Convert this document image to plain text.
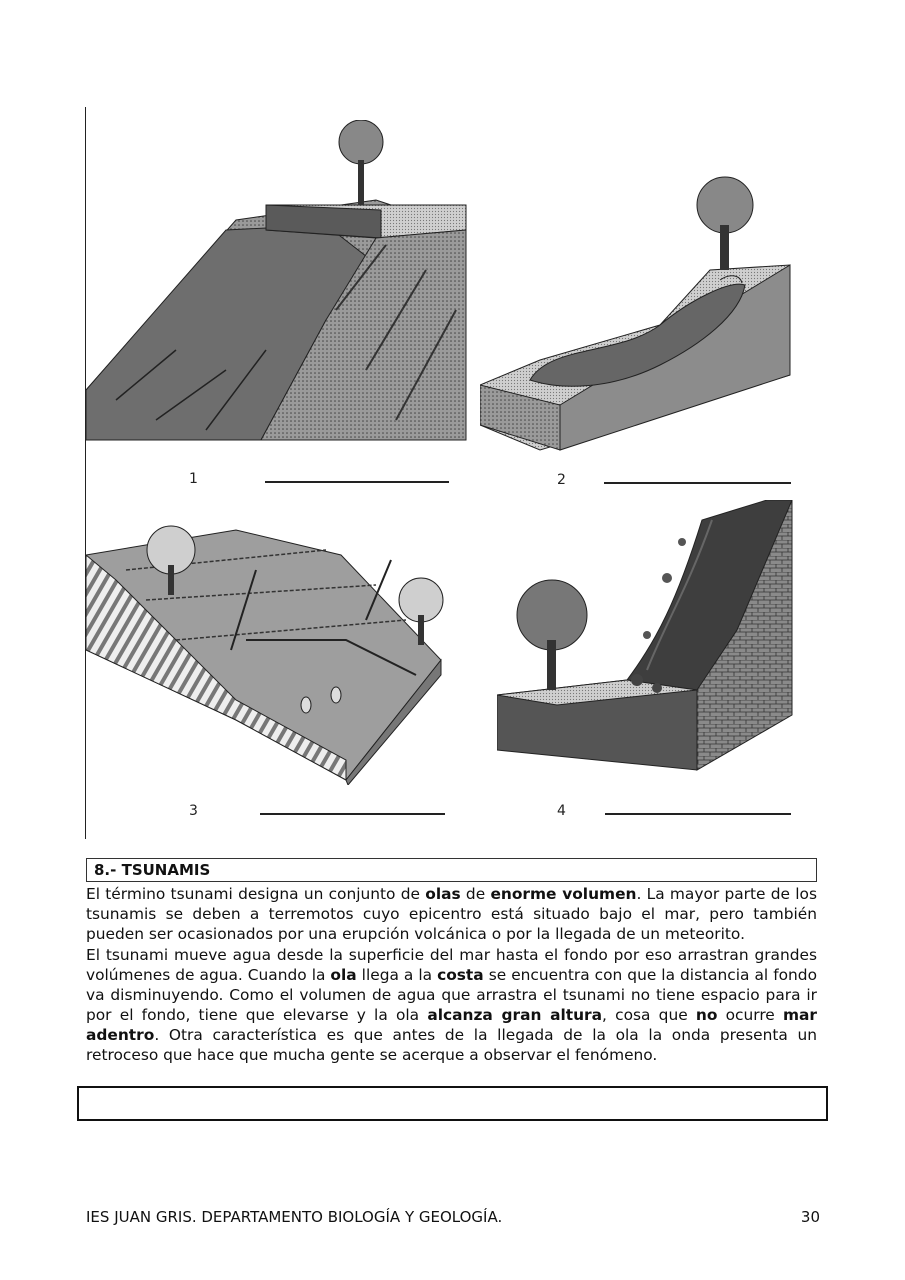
1	2
3	4
8.- TSUNAMIS

El término tsunami designa un conjunto de olas de enorme volumen. La mayor parte de los tsunamis se deben a terremotos cuyo epicentro está situado bajo el mar, pero también pueden ser ocasionados por una erupción volcánica o por la llegada de un meteorito.

El tsunami mueve agua desde la superficie del mar hasta el fondo por eso arrastran grandes volúmenes de agua. Cuando la ola llega a la costa se encuentra con que la distancia al fondo va disminuyendo. Como el volumen de agua que arrastra el tsunami no tiene espacio para ir por el fondo, tiene que elevarse y la ola alcanza gran altura, cosa que no ocurre mar adentro. Otra característica es que antes de la llegada de la ola la onda presenta un retroceso que hace que mucha gente se acerque a observar el fenómeno.

IES JUAN GRIS. DEPARTAMENTO BIOLOGÍA Y GEOLOGÍA.	30
